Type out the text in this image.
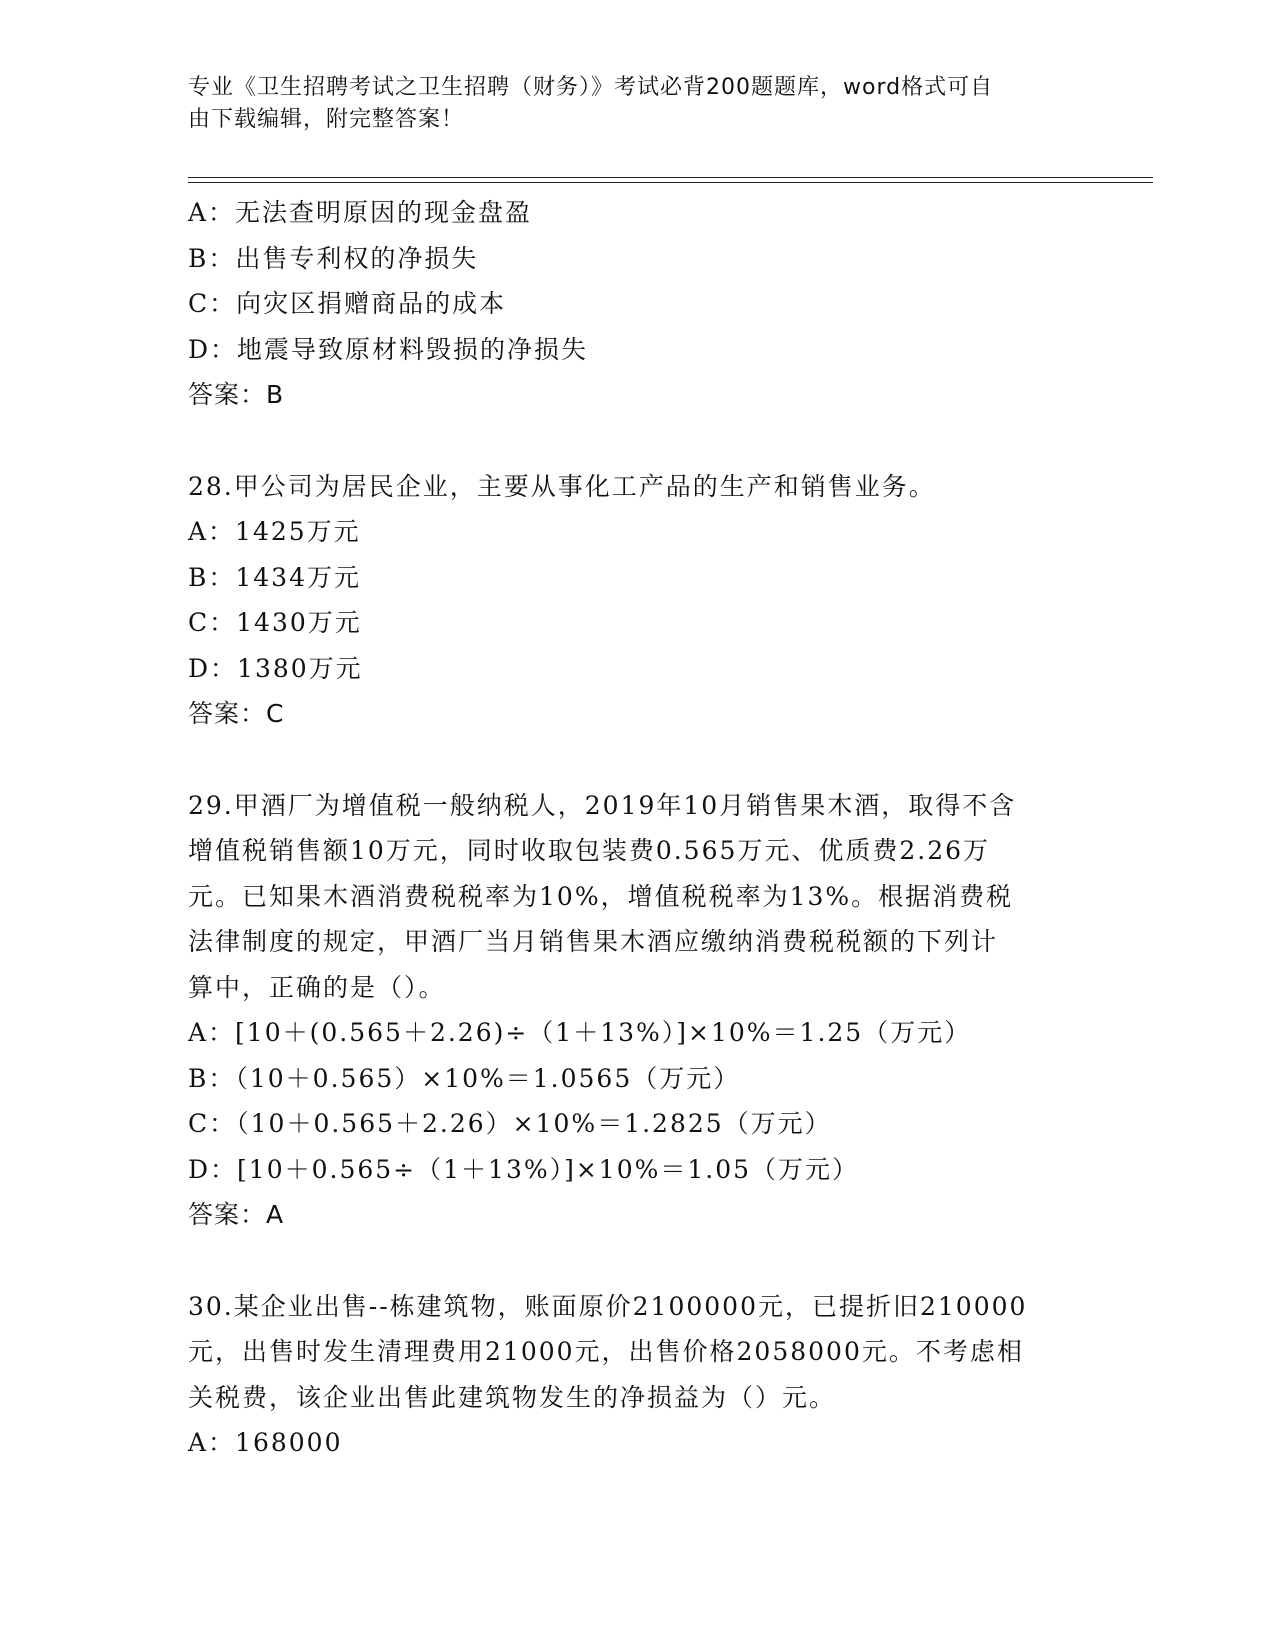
专业《卫生招聘考试之卫生招聘（财务）》考试必背200题题库，word格式可自
由下载编辑，附完整答案！
A：无法查明原因的现金盘盈
B：出售专利权的净损失
C：向灾区捐赠商品的成本
D：地震导致原材料毁损的净损失
答案：B
28.甲公司为居民企业，主要从事化工产品的生产和销售业务。
A：1425万元
B：1434万元
C：1430万元
D：1380万元
答案：C
29.甲酒厂为增值税一般纳税人，2019年10月销售果木酒，取得不含
增值税销售额10万元，同时收取包装费0.565万元、优质费2.26万
元。已知果木酒消费税税率为10%，增值税税率为13%。根据消费税
法律制度的规定，甲酒厂当月销售果木酒应缴纳消费税税额的下列计
算中，正确的是（）。
A：[10＋(0.565＋2.26)÷（1＋13%）]×10%＝1.25（万元）
B：（10＋0.565）×10%＝1.0565（万元）
C：（10＋0.565＋2.26）×10%＝1.2825（万元）
D：[10＋0.565÷（1＋13%）]×10%＝1.05（万元）
答案：A
30.某企业出售--栋建筑物，账面原价2100000元，已提折旧210000
元，出售时发生清理费用21000元，出售价格2058000元。不考虑相
关税费，该企业出售此建筑物发生的净损益为（）元。
A：168000
